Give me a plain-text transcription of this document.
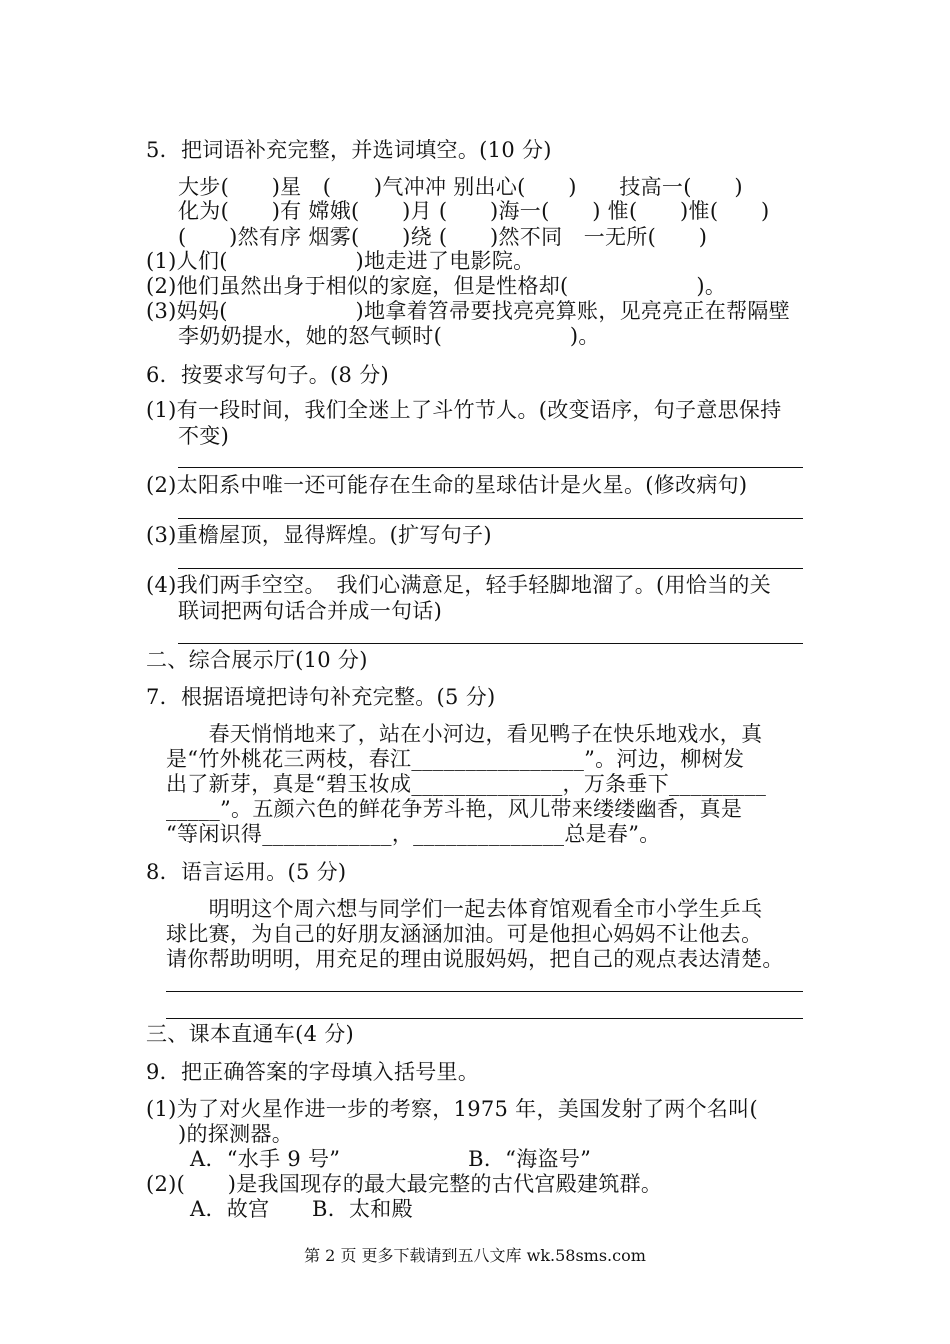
5．把词语补充完整，并选词填空。(10 分)
大步(　　)星　(　　)气冲冲 别出心(　　)　　技高一(　　)
化为(　　)有 嫦娥(　　)月 (　　)海一(　　) 惟(　　)惟(　　)
(　　)然有序 烟雾(　　)绕 (　　)然不同　一无所(　　)
(1)人们(　　　　　　)地走进了电影院。
(2)他们虽然出身于相似的家庭，但是性格却(　　　　　　)。
(3)妈妈(　　　　　　)地拿着笤帚要找亮亮算账，见亮亮正在帮隔壁
李奶奶提水，她的怒气顿时(　　　　　　)。
6．按要求写句子。(8 分)
(1)有一段时间，我们全迷上了斗竹节人。(改变语序，句子意思保持
不变)
(2)太阳系中唯一还可能存在生命的星球估计是火星。(修改病句)
(3)重檐屋顶，显得辉煌。(扩写句子)
(4)我们两手空空。　我们心满意足，轻手轻脚地溜了。(用恰当的关
联词把两句话合并成一句话)
二、综合展示厅(10 分)
7．根据语境把诗句补充完整。(5 分)
　　春天悄悄地来了，站在小河边，看见鸭子在快乐地戏水，真
是“竹外桃花三两枝，春江________________”。河边，柳树发
出了新芽，真是“碧玉妆成______________，万条垂下_________
_____”。五颜六色的鲜花争芳斗艳，风儿带来缕缕幽香，真是
“等闲识得____________，______________总是春”。
8．语言运用。(5 分)
　　明明这个周六想与同学们一起去体育馆观看全市小学生乒乓
球比赛，为自己的好朋友涵涵加油。可是他担心妈妈不让他去。
请你帮助明明，用充足的理由说服妈妈，把自己的观点表达清楚。
三、课本直通车(4 分)
9．把正确答案的字母填入括号里。
(1)为了对火星作进一步的考察，1975 年，美国发射了两个名叫(
)的探测器。
A．“水手 9 号”　　　　　　B．“海盗号”
(2)(　　)是我国现存的最大最完整的古代宫殿建筑群。
A．故宫　　B．太和殿
第 2 页 更多下载请到五八文库 wk.58sms.com
